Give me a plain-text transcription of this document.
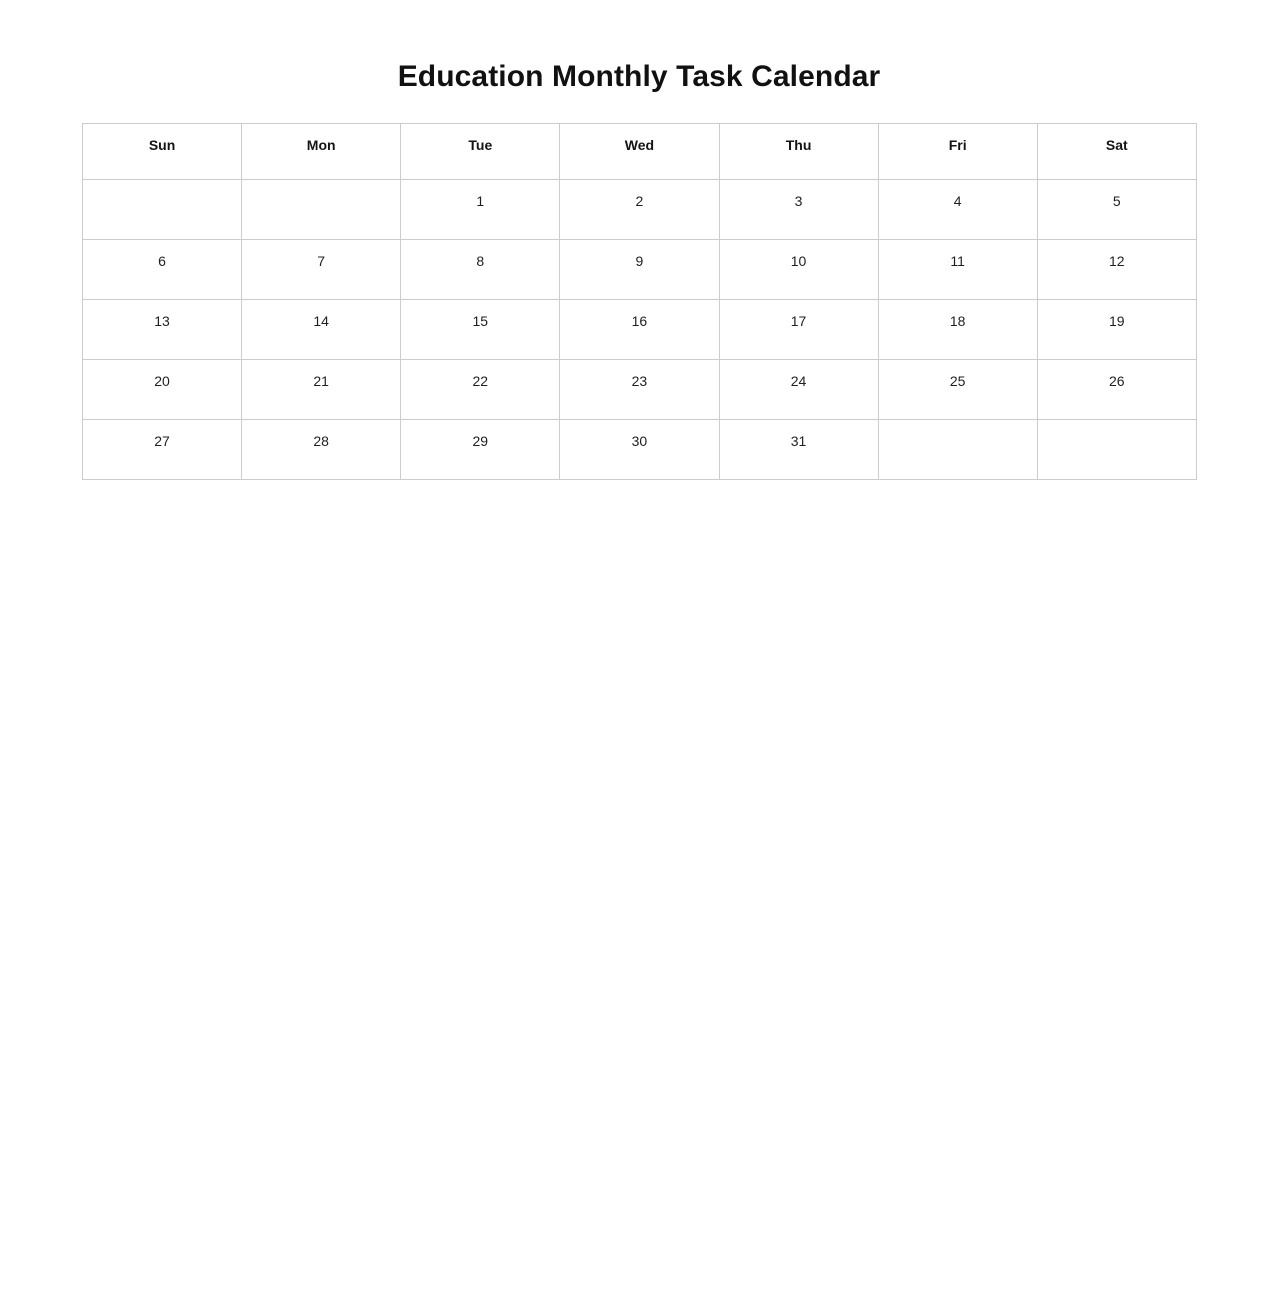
Education Monthly Task Calendar
Sun	Mon	Tue	Wed	Thu	Fri	Sat

		1	2	3	4	5

6	7	8	9	10	11	12

13	14	15	16	17	18	19

20	21	22	23	24	25	26

27	28	29	30	31		
